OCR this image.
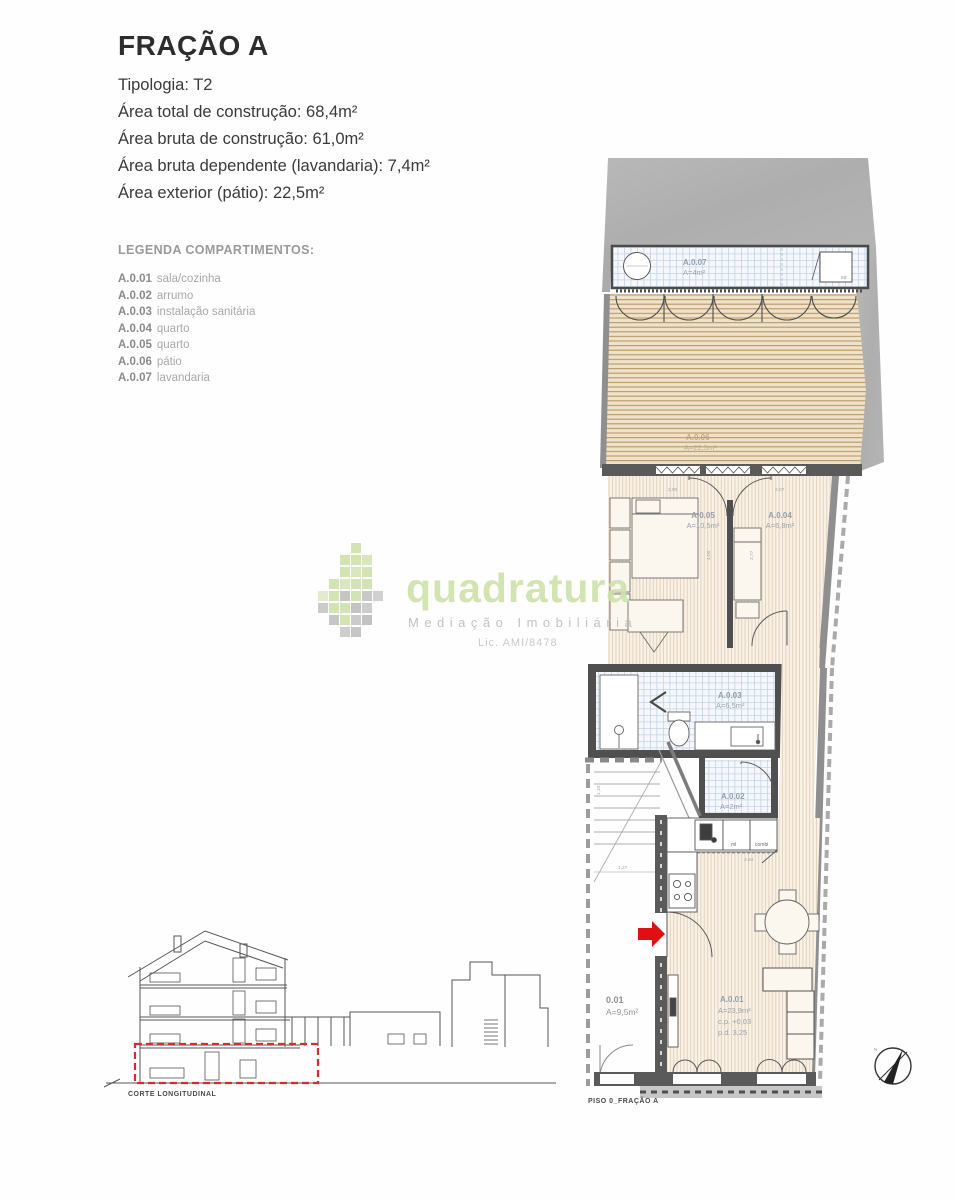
FRAÇÃO A
Tipologia: T2
Área total de construção: 68,4m²
Área bruta de construção: 61,0m²
Área bruta dependente (lavandaria): 7,4m²
Área exterior (pátio): 22,5m²
LEGENDA COMPARTIMENTOS:
A.0.01 sala/cozinha
A.0.02 arrumo
A.0.03 instalação sanitária
A.0.04 quarto
A.0.05 quarto
A.0.06 pátio
A.0.07 lavandaria
quadratura
Mediação Imobiliária
Lic. AMI/8478
mlr
A.0.07
A=4m²
A.0.06
A=22,5m²
A.0.05
A=10,5m²
A.0.04
A=6,8m²
2,90	2,07
4,00	2,77
A.0.03
A=6,5m²
A.0.02
A=2m²
1,27
1,10
0.01
A=9,5m²
ml	combi
2,84
A.0.01
A=23,9m²
c.p. +0,03
p.d. 3,25
N
PISO 0_FRAÇÃO A
CORTE LONGITUDINAL
